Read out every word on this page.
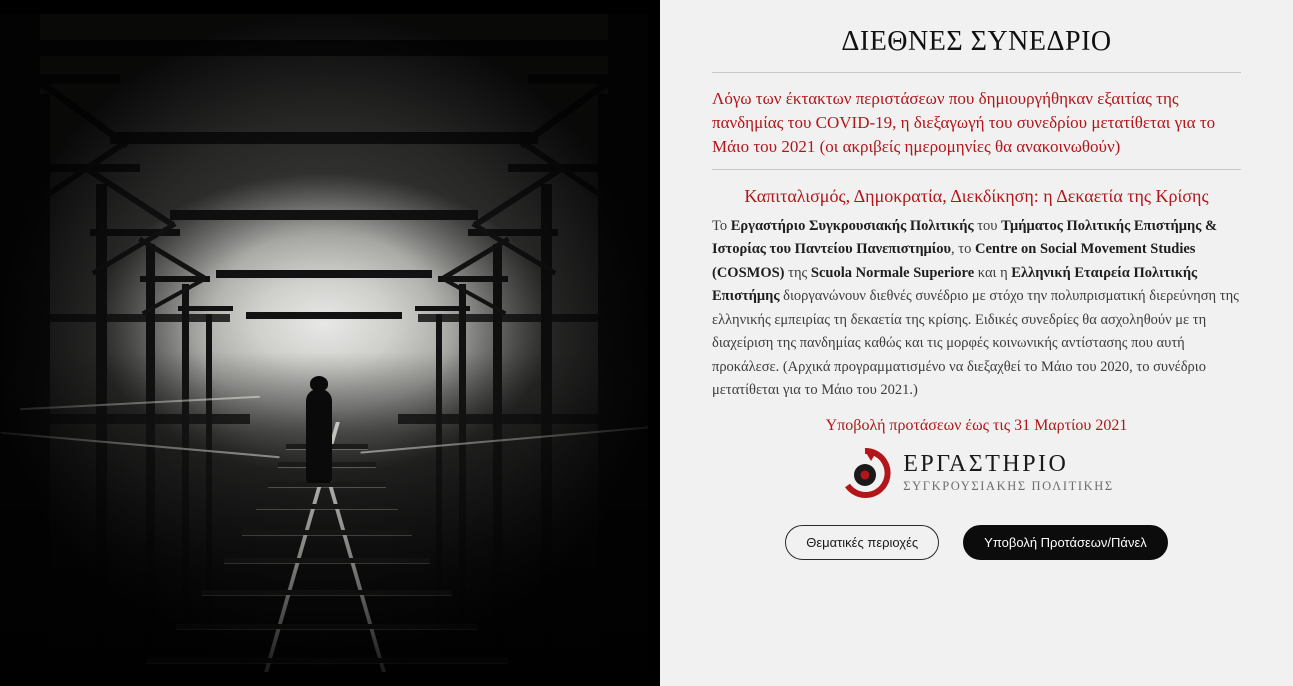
ΔΙΕΘΝΕΣ ΣΥΝΕΔΡΙΟ

Λόγω των έκτακτων περιστάσεων που δημιουργήθηκαν εξαιτίας της πανδημίας του COVID-19, η διεξαγωγή του συνεδρίου μετατίθεται για το Μάιο του 2021 (οι ακριβείς ημερομηνίες θα ανακοινωθούν)

Καπιταλισμός, Δημοκρατία, Διεκδίκηση: η Δεκαετία της Κρίσης

Το Εργαστήριο Συγκρουσιακής Πολιτικής του Τμήματος Πολιτικής Επιστήμης & Ιστορίας του Παντείου Πανεπιστημίου, το Centre on Social Movement Studies (COSMOS) της Scuola Normale Superiore και η Ελληνική Εταιρεία Πολιτικής Επιστήμης διοργανώνουν διεθνές συνέδριο με στόχο την πολυπρισματική διερεύνηση της ελληνικής εμπειρίας τη δεκαετία της κρίσης. Ειδικές συνεδρίες θα ασχοληθούν με τη διαχείριση της πανδημίας καθώς και τις μορφές κοινωνικής αντίστασης που αυτή προκάλεσε. (Αρχικά προγραμματισμένο να διεξαχθεί το Μάιο του 2020, το συνέδριο μετατίθεται για το Μάιο του 2021.)

Υποβολή προτάσεων έως τις 31 Μαρτίου 2021

ΕΡΓΑΣΤΗΡΙΟ
ΣΥΓΚΡΟΥΣΙΑΚΗΣ ΠΟΛΙΤΙΚΗΣ
Θεματικές περιοχές	Υποβολή Προτάσεων/Πάνελ
